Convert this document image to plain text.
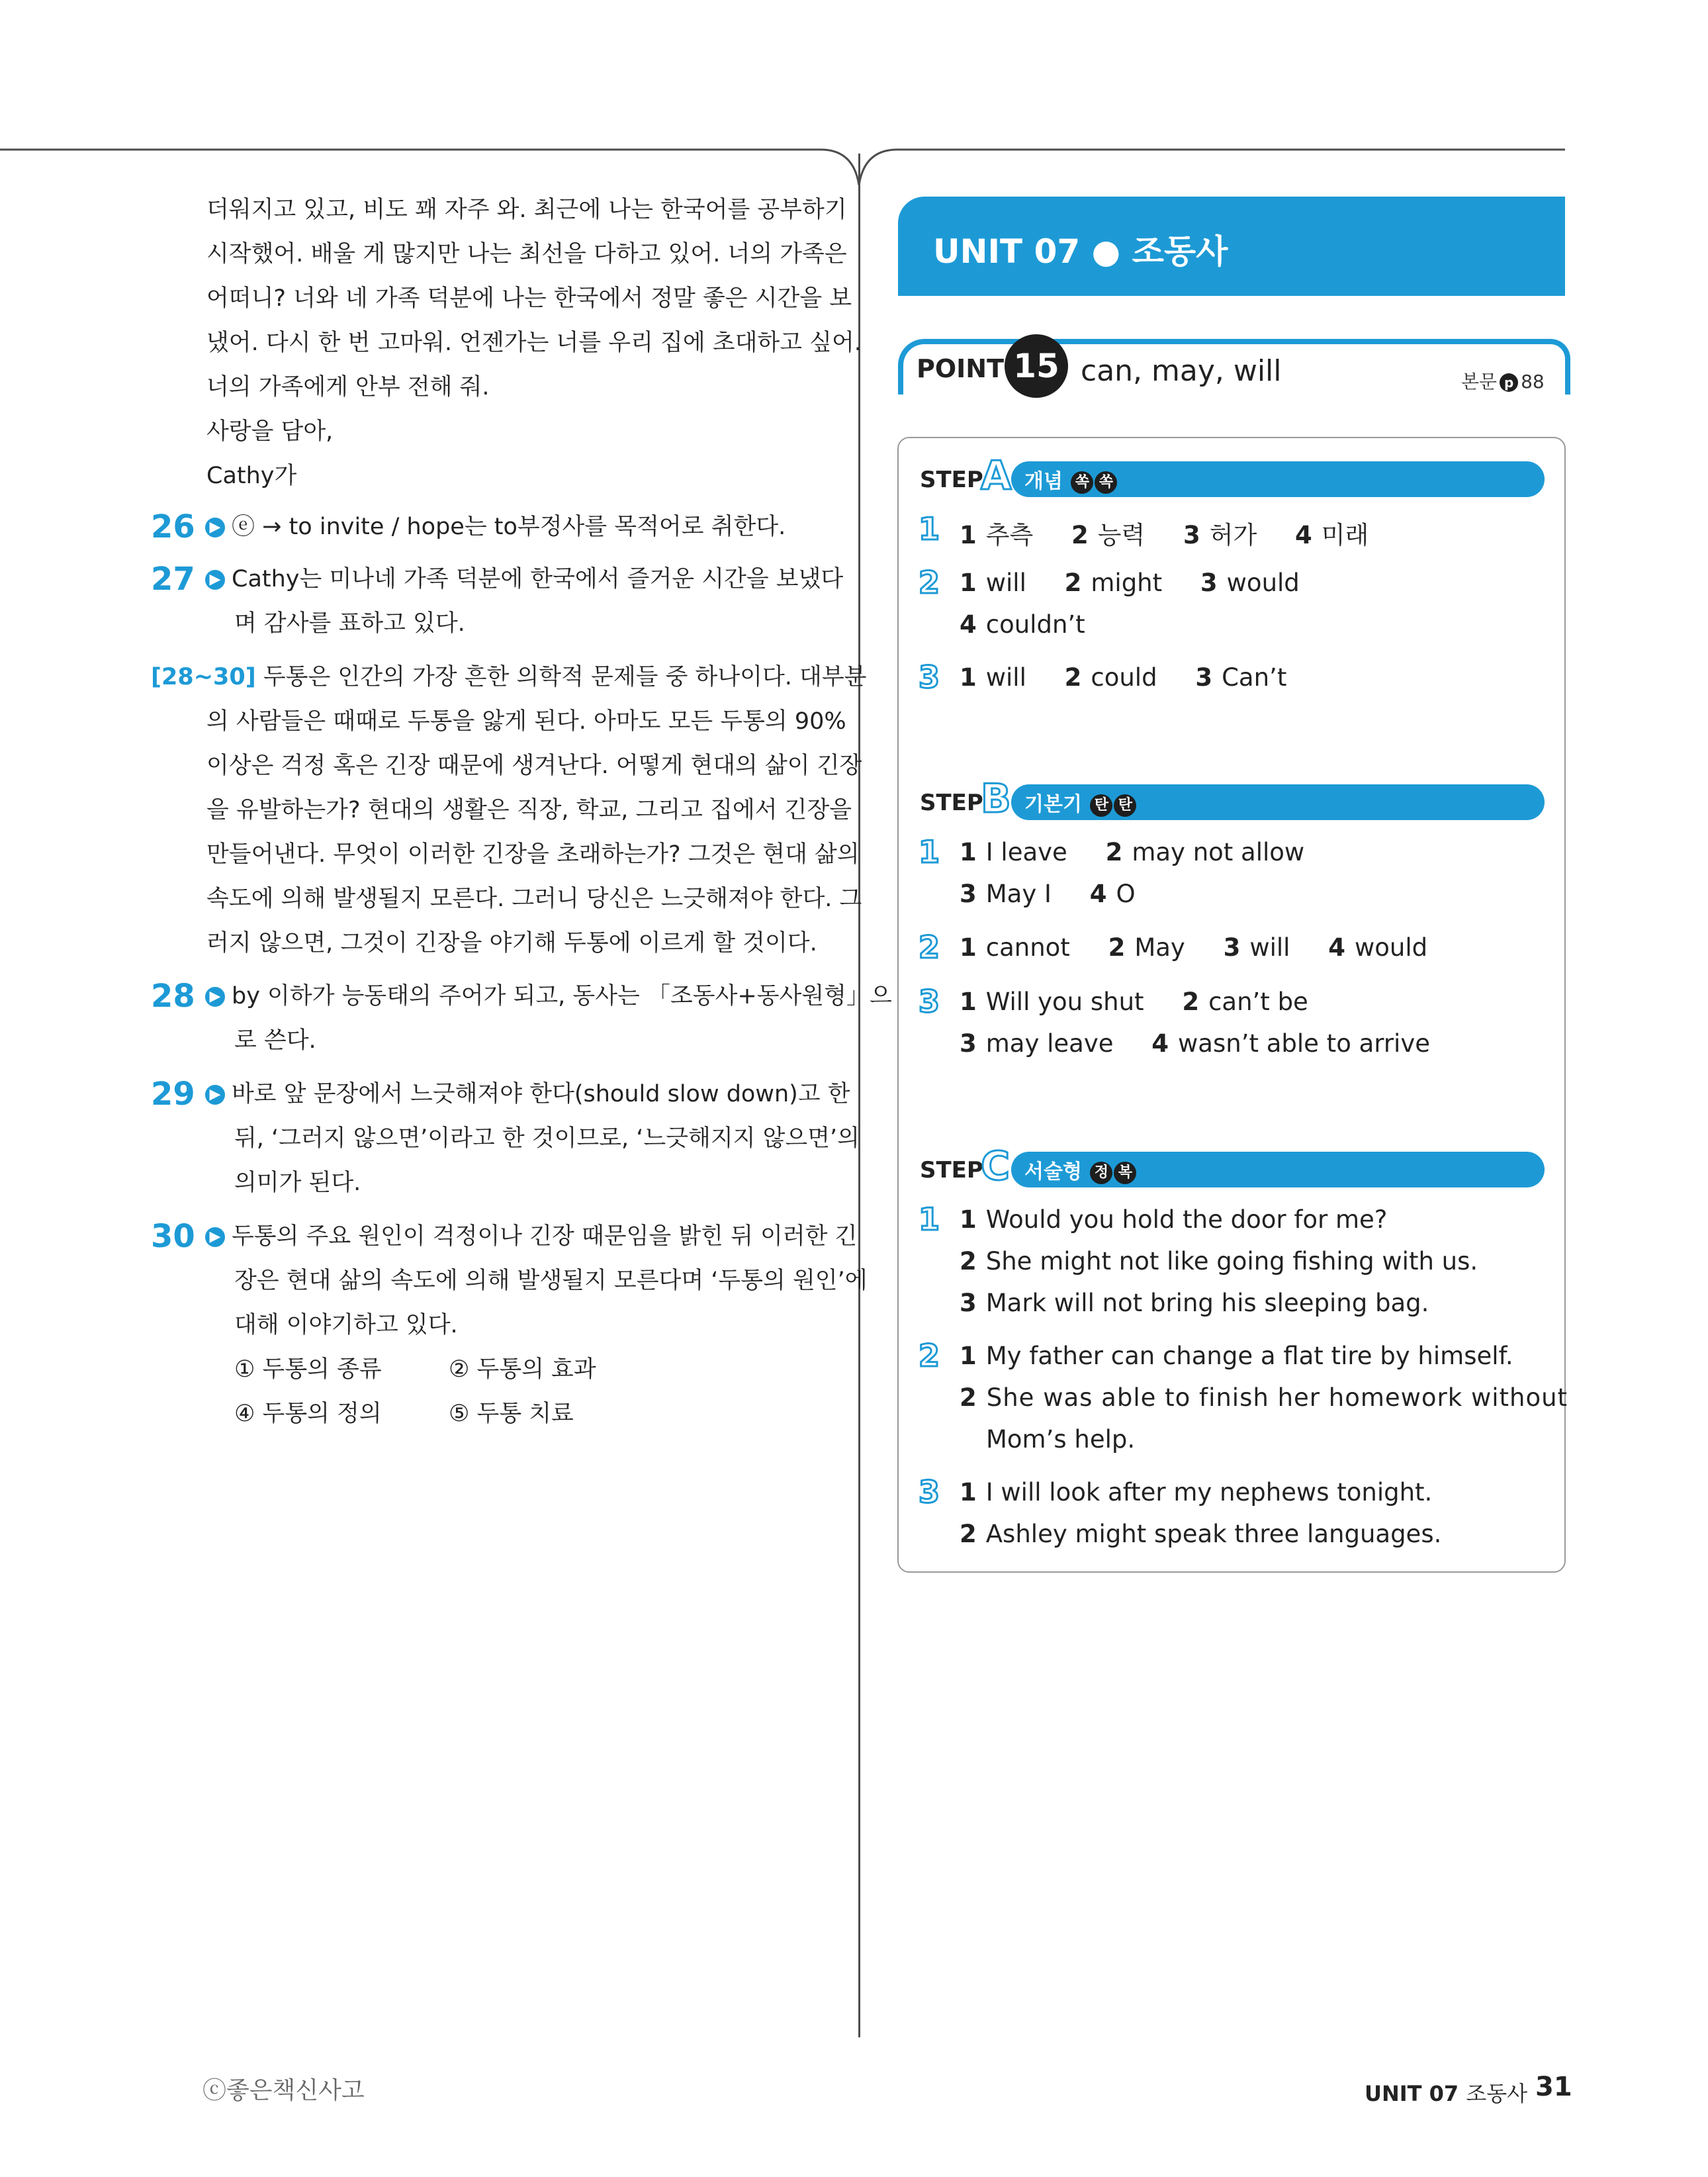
더워지고 있고, 비도 꽤 자주 와. 최근에 나는 한국어를 공부하기
시작했어. 배울 게 많지만 나는 최선을 다하고 있어. 너의 가족은
어떠니? 너와 네 가족 덕분에 나는 한국에서 정말 좋은 시간을 보
냈어. 다시 한 번 고마워. 언젠가는 너를 우리 집에 초대하고 싶어.
너의 가족에게 안부 전해 줘.
사랑을 담아,
Cathy가
26 ▶ ⓔ → to invite / hope는 to부정사를 목적어로 취한다.
27 ▶ Cathy는 미나네 가족 덕분에 한국에서 즐거운 시간을 보냈다
며 감사를 표하고 있다.
[28~30] 두통은 인간의 가장 흔한 의학적 문제들 중 하나이다. 대부분
의 사람들은 때때로 두통을 앓게 된다. 아마도 모든 두통의 90%
이상은 걱정 혹은 긴장 때문에 생겨난다. 어떻게 현대의 삶이 긴장
을 유발하는가? 현대의 생활은 직장, 학교, 그리고 집에서 긴장을
만들어낸다. 무엇이 이러한 긴장을 초래하는가? 그것은 현대 삶의
속도에 의해 발생될지 모른다. 그러니 당신은 느긋해져야 한다. 그
러지 않으면, 그것이 긴장을 야기해 두통에 이르게 할 것이다.
28 ▶ by 이하가 능동태의 주어가 되고, 동사는 「조동사+동사원형」으
로 쓴다.
29 ▶ 바로 앞 문장에서 느긋해져야 한다(should slow down)고 한
뒤, ‘그러지 않으면’이라고 한 것이므로, ‘느긋해지지 않으면’의
의미가 된다.
30 ▶ 두통의 주요 원인이 걱정이나 긴장 때문임을 밝힌 뒤 이러한 긴
장은 현대 삶의 속도에 의해 발생될지 모른다며 ‘두통의 원인’에
대해 이야기하고 있다.
① 두통의 종류	② 두통의 효과
④ 두통의 정의	⑤ 두통 치료
UNIT 07 ● 조동사
POINT 15 can, may, will	본문 p 88
STEP
A 개념 쏙 쏙
1 1 추측 2 능력 3 허가 4 미래
2 1 will 2 might 3 would
4 couldn’t
3 1 will 2 could 3 Can’t
STEP
B 기본기 탄 탄
1 1 I leave 2 may not allow
3 May I 4 O
2 1 cannot 2 May 3 will 4 would
3 1 Will you shut 2 can’t be
3 may leave 4 wasn’t able to arrive
STEP
C 서술형 정 복
1 1 Would you hold the door for me?
2 She might not like going fishing with us.
3 Mark will not bring his sleeping bag.
2 1 My father can change a flat tire by himself.
2 She was able to finish her homework without
Mom’s help.
3 1 I will look after my nephews tonight.
2 Ashley might speak three languages.
ⓒ좋은책신사고	UNIT 07 조동사 31
